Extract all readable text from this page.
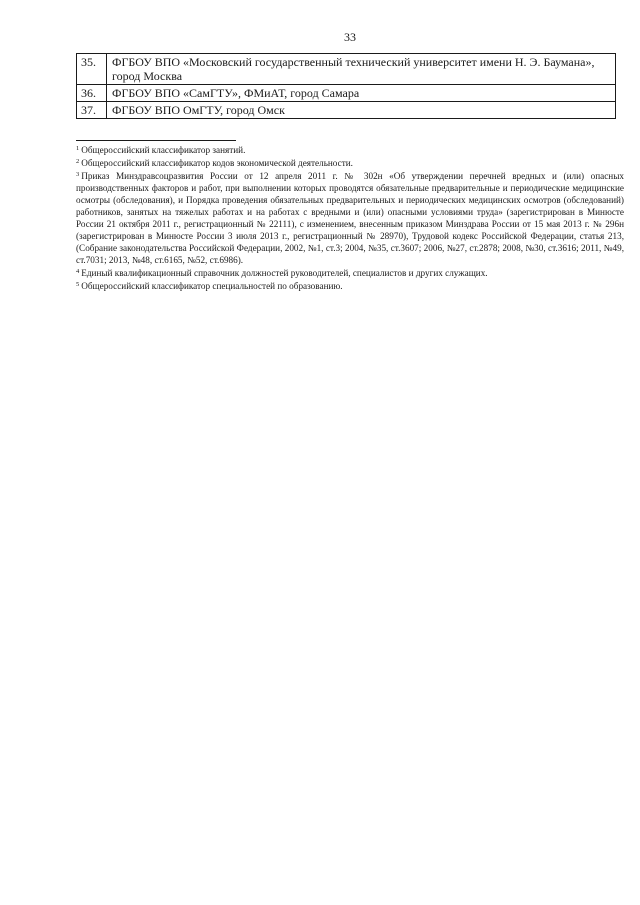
33
35.	ФГБОУ ВПО «Московский государственный технический университет имени Н. Э. Баумана», город Москва
36.	ФГБОУ ВПО «СамГТУ», ФМиАТ, город Самара
37.	ФГБОУ ВПО ОмГТУ, город Омск

$^1$ Общероссийский классификатор занятий.

$^2$ Общероссийский классификатор кодов экономической деятельности.

$^3$ Приказ Минздравсоцразвития России от 12 апреля 2011 г. № 302н «Об утверждении перечней вредных и (или) опасных производственных факторов и работ, при выполнении которых проводятся обязательные предварительные и периодические медицинские осмотры (обследования), и Порядка проведения обязательных предварительных и периодических медицинских осмотров (обследований) работников, занятых на тяжелых работах и на работах с вредными и (или) опасными условиями труда» (зарегистрирован в Минюсте России 21 октября 2011 г., регистрационный № 22111), с изменением, внесенным приказом Минздрава России от 15 мая 2013 г. № 296н (зарегистрирован в Минюсте России 3 июля 2013 г., регистрационный № 28970), Трудовой кодекс Российской Федерации, статья 213, (Собрание законодательства Российской Федерации, 2002, №1, ст.3; 2004, №35, ст.3607; 2006, №27, ст.2878; 2008, №30, ст.3616; 2011, №49, ст.7031; 2013, №48, ст.6165, №52, ст.6986).

$^4$ Единый квалификационный справочник должностей руководителей, специалистов и других служащих.

$^5$ Общероссийский классификатор специальностей по образованию.
